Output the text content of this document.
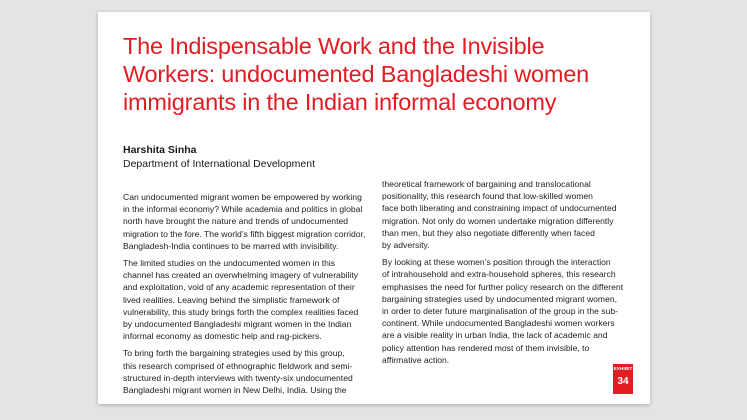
The Indispensable Work and the Invisible
Workers: undocumented Bangladeshi women
immigrants in the Indian informal economy
Harshita Sinha
Department of International Development

Can undocumented migrant women be empowered by working
in the informal economy? While academia and politics in global
north have brought the nature and trends of undocumented
migration to the fore. The world’s fifth biggest migration corridor,
Bangladesh-India continues to be marred with invisibility.

The limited studies on the undocumented women in this
channel has created an overwhelming imagery of vulnerability
and exploitation, void of any academic representation of their
lived realities. Leaving behind the simplistic framework of
vulnerability, this study brings forth the complex realities faced
by undocumented Bangladeshi migrant women in the Indian
informal economy as domestic help and rag-pickers.

To bring forth the bargaining strategies used by this group,
this research comprised of ethnographic fieldwork and semi-
structured in-depth interviews with twenty-six undocumented
Bangladeshi migrant women in New Delhi, India. Using the

theoretical framework of bargaining and translocational
positionality, this research found that low-skilled women
face both liberating and constraining impact of undocumented
migration. Not only do women undertake migration differently
than men, but they also negotiate differently when faced
by adversity.

By looking at these women’s position through the interaction
of intrahousehold and extra-household spheres, this research
emphasises the need for further policy research on the different
bargaining strategies used by undocumented migrant women,
in order to deter future marginalisation of the group in the sub-
continent. While undocumented Bangladeshi women workers
are a visible reality in urban India, the lack of academic and
policy attention has rendered most of them invisible, to
affirmative action.

EXHIBIT
34
